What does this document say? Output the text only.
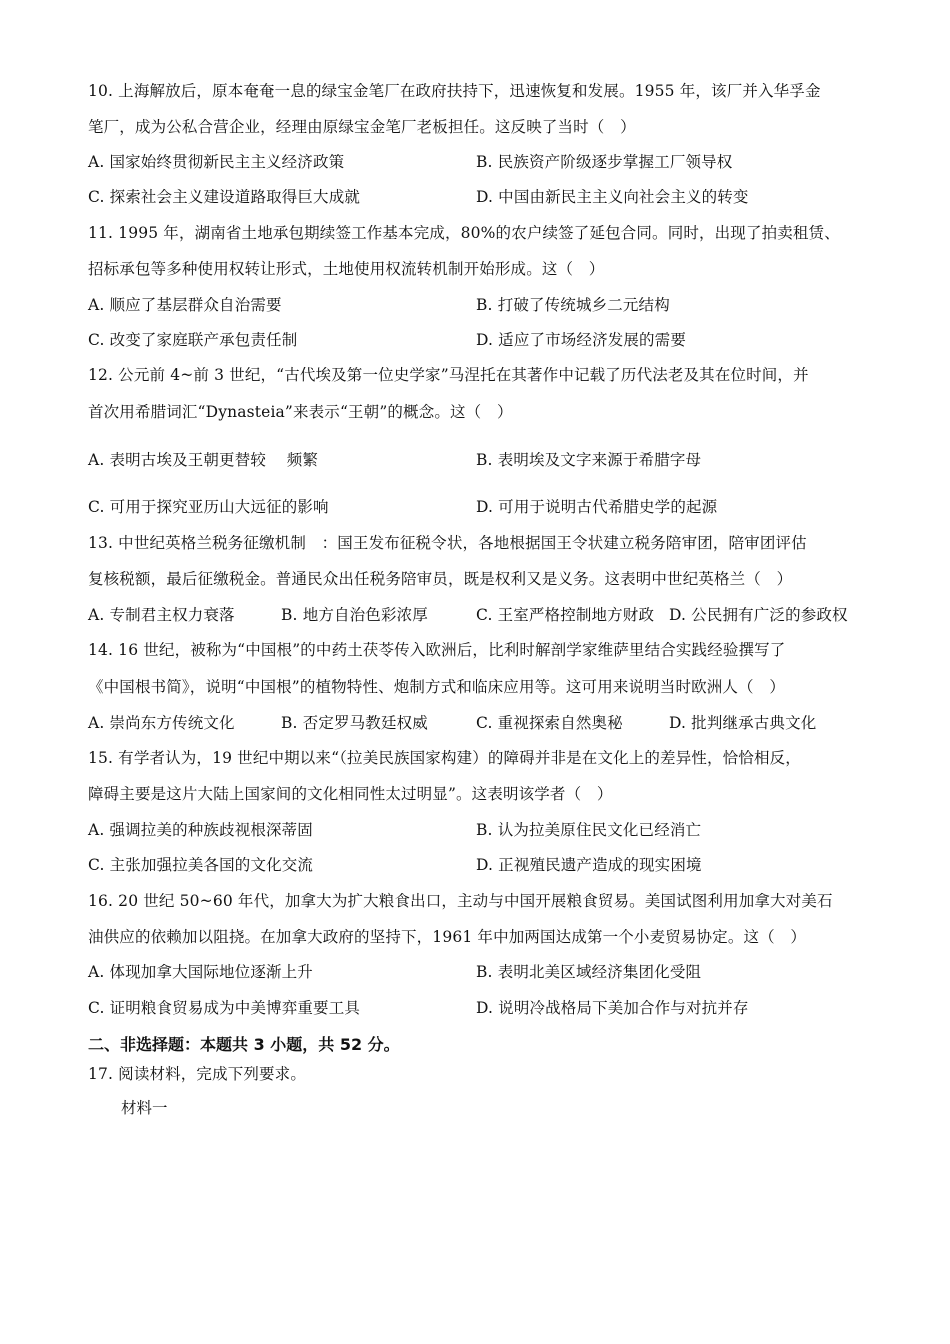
10. 上海解放后，原本奄奄一息的绿宝金笔厂在政府扶持下，迅速恢复和发展。1955 年，该厂并入华孚金
笔厂，成为公私合营企业，经理由原绿宝金笔厂老板担任。这反映了当时（　）
A. 国家始终贯彻新民主主义经济政策	B. 民族资产阶级逐步掌握工厂领导权
C. 探索社会主义建设道路取得巨大成就	D. 中国由新民主主义向社会主义的转变
11. 1995 年，湖南省土地承包期续签工作基本完成，80%的农户续签了延包合同。同时，出现了拍卖租赁、
招标承包等多种使用权转让形式，土地使用权流转机制开始形成。这（　）
A. 顺应了基层群众自治需要	B. 打破了传统城乡二元结构
C. 改变了家庭联产承包责任制	D. 适应了市场经济发展的需要
12. 公元前 4~前 3 世纪，“古代埃及第一位史学家”马涅托在其著作中记载了历代法老及其在位时间，并
首次用希腊词汇“Dynasteia”来表示“王朝”的概念。这（　）
A. 表明古埃及王朝更替较　 频繁	B. 表明埃及文字来源于希腊字母
C. 可用于探究亚历山大远征的影响	D. 可用于说明古代希腊史学的起源
13. 中世纪英格兰税务征缴机制　：国王发布征税令状，各地根据国王令状建立税务陪审团，陪审团评估
复核税额，最后征缴税金。普通民众出任税务陪审员，既是权利又是义务。这表明中世纪英格兰（　）
A. 专制君主权力衰落	B. 地方自治色彩浓厚	C. 王室严格控制地方财政 D. 公民拥有广泛的参政权
14. 16 世纪，被称为“中国根”的中药土茯苓传入欧洲后，比利时解剖学家维萨里结合实践经验撰写了
《中国根书简》，说明“中国根”的植物特性、炮制方式和临床应用等。这可用来说明当时欧洲人（　）
A. 崇尚东方传统文化	B. 否定罗马教廷权威	C. 重视探索自然奥秘	D. 批判继承古典文化
15. 有学者认为，19 世纪中期以来“（拉美民族国家构建）的障碍并非是在文化上的差异性，恰恰相反，
障碍主要是这片大陆上国家间的文化相同性太过明显”。这表明该学者（　）
A. 强调拉美的种族歧视根深蒂固	B. 认为拉美原住民文化已经消亡
C. 主张加强拉美各国的文化交流	D. 正视殖民遗产造成的现实困境
16. 20 世纪 50~60 年代，加拿大为扩大粮食出口，主动与中国开展粮食贸易。美国试图利用加拿大对美石
油供应的依赖加以阻挠。在加拿大政府的坚持下，1961 年中加两国达成第一个小麦贸易协定。这（　）
A. 体现加拿大国际地位逐渐上升	B. 表明北美区域经济集团化受阻
C. 证明粮食贸易成为中美博弈重要工具	D. 说明冷战格局下美加合作与对抗并存
二、非选择题：本题共 3 小题，共 52 分。
17. 阅读材料，完成下列要求。
材料一
